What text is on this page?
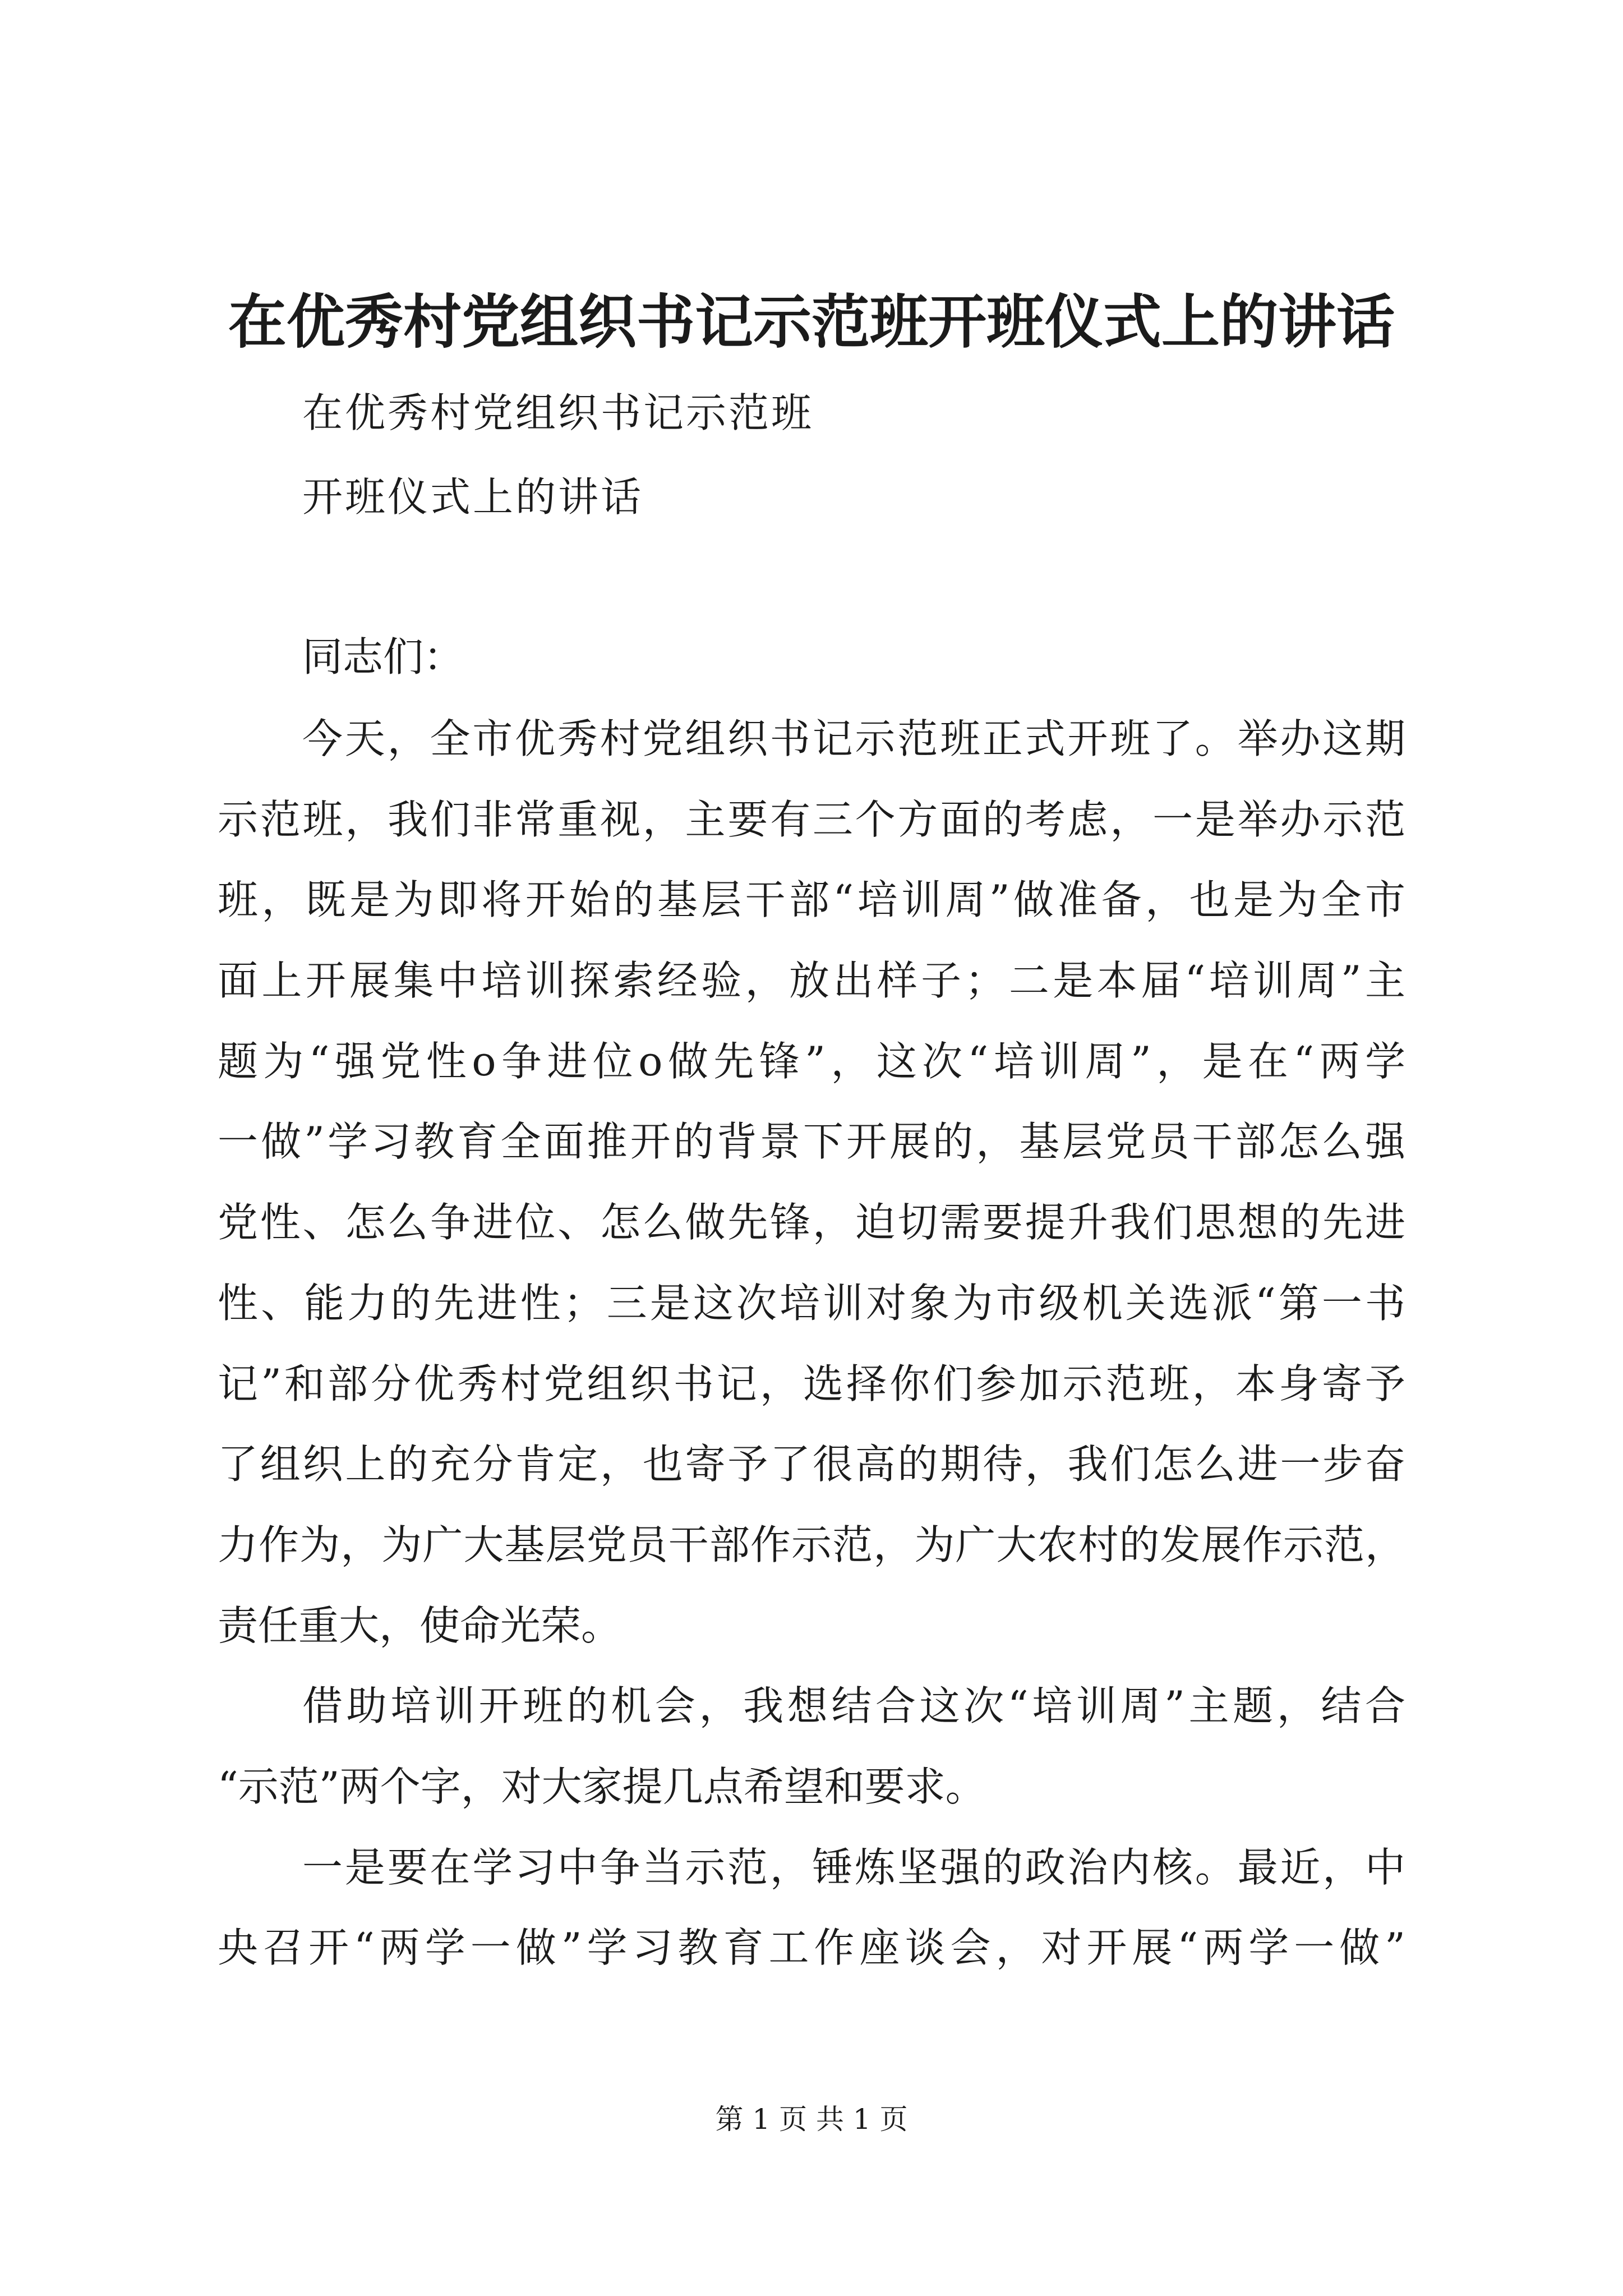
在优秀村党组织书记示范班开班仪式上的讲话
在优秀村党组织书记示范班
开班仪式上的讲话
同志们：
今天，全市优秀村党组织书记示范班正式开班了。举办这期
示范班，我们非常重视，主要有三个方面的考虑，一是举办示范
班，既是为即将开始的基层干部“培训周”做准备，也是为全市
面上开展集中培训探索经验，放出样子；二是本届“培训周”主
题为“强党性o争进位o做先锋”，这次“培训周”，是在“两学
一做”学习教育全面推开的背景下开展的，基层党员干部怎么强
党性、怎么争进位、怎么做先锋，迫切需要提升我们思想的先进
性、能力的先进性；三是这次培训对象为市级机关选派“第一书
记”和部分优秀村党组织书记，选择你们参加示范班，本身寄予
了组织上的充分肯定，也寄予了很高的期待，我们怎么进一步奋
力作为，为广大基层党员干部作示范，为广大农村的发展作示范，
责任重大，使命光荣。
借助培训开班的机会，我想结合这次“培训周”主题，结合
“示范”两个字，对大家提几点希望和要求。
一是要在学习中争当示范，锤炼坚强的政治内核。最近，中
央召开“两学一做”学习教育工作座谈会，对开展“两学一做”
第 1 页 共 1 页
